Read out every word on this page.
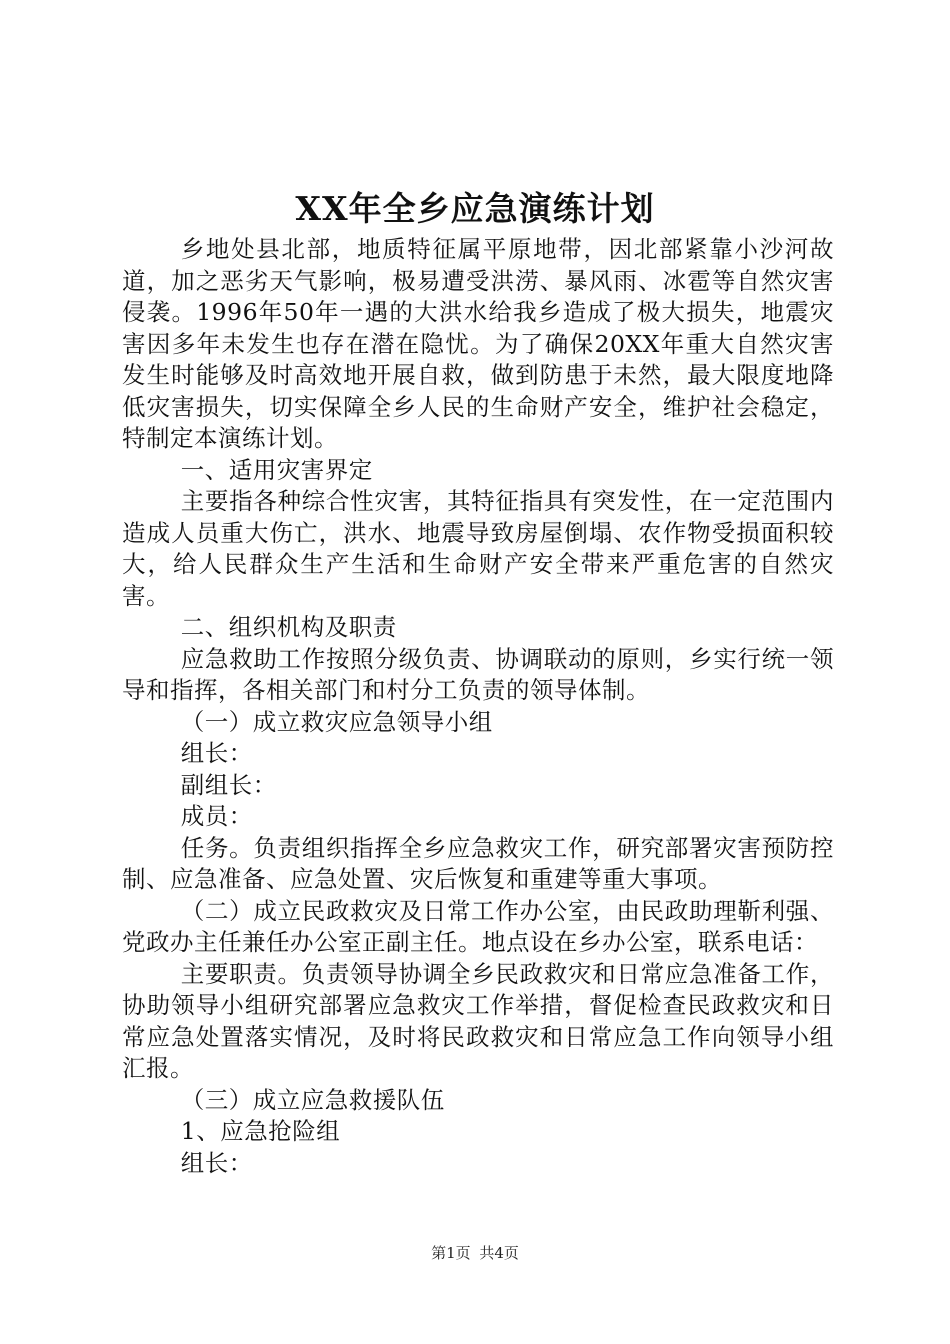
XX年全乡应急演练计划

乡地处县北部，地质特征属平原地带，因北部紧靠小沙河故道，加之恶劣天气影响，极易遭受洪涝、暴风雨、冰雹等自然灾害侵袭。1996年50年一遇的大洪水给我乡造成了极大损失，地震灾害因多年未发生也存在潜在隐忧。为了确保20XX年重大自然灾害发生时能够及时高效地开展自救，做到防患于未然，最大限度地降低灾害损失，切实保障全乡人民的生命财产安全，维护社会稳定，特制定本演练计划。

一、适用灾害界定

主要指各种综合性灾害，其特征指具有突发性，在一定范围内造成人员重大伤亡，洪水、地震导致房屋倒塌、农作物受损面积较大，给人民群众生产生活和生命财产安全带来严重危害的自然灾害。

二、组织机构及职责

应急救助工作按照分级负责、协调联动的原则，乡实行统一领导和指挥，各相关部门和村分工负责的领导体制。

（一）成立救灾应急领导小组

组长：

副组长：

成员：

任务。负责组织指挥全乡应急救灾工作，研究部署灾害预防控制、应急准备、应急处置、灾后恢复和重建等重大事项。

（二）成立民政救灾及日常工作办公室，由民政助理靳利强、党政办主任兼任办公室正副主任。地点设在乡办公室，联系电话：

主要职责。负责领导协调全乡民政救灾和日常应急准备工作，协助领导小组研究部署应急救灾工作举措，督促检查民政救灾和日常应急处置落实情况，及时将民政救灾和日常应急工作向领导小组汇报。

（三）成立应急救援队伍

1、应急抢险组

组长：

第1页 共4页
